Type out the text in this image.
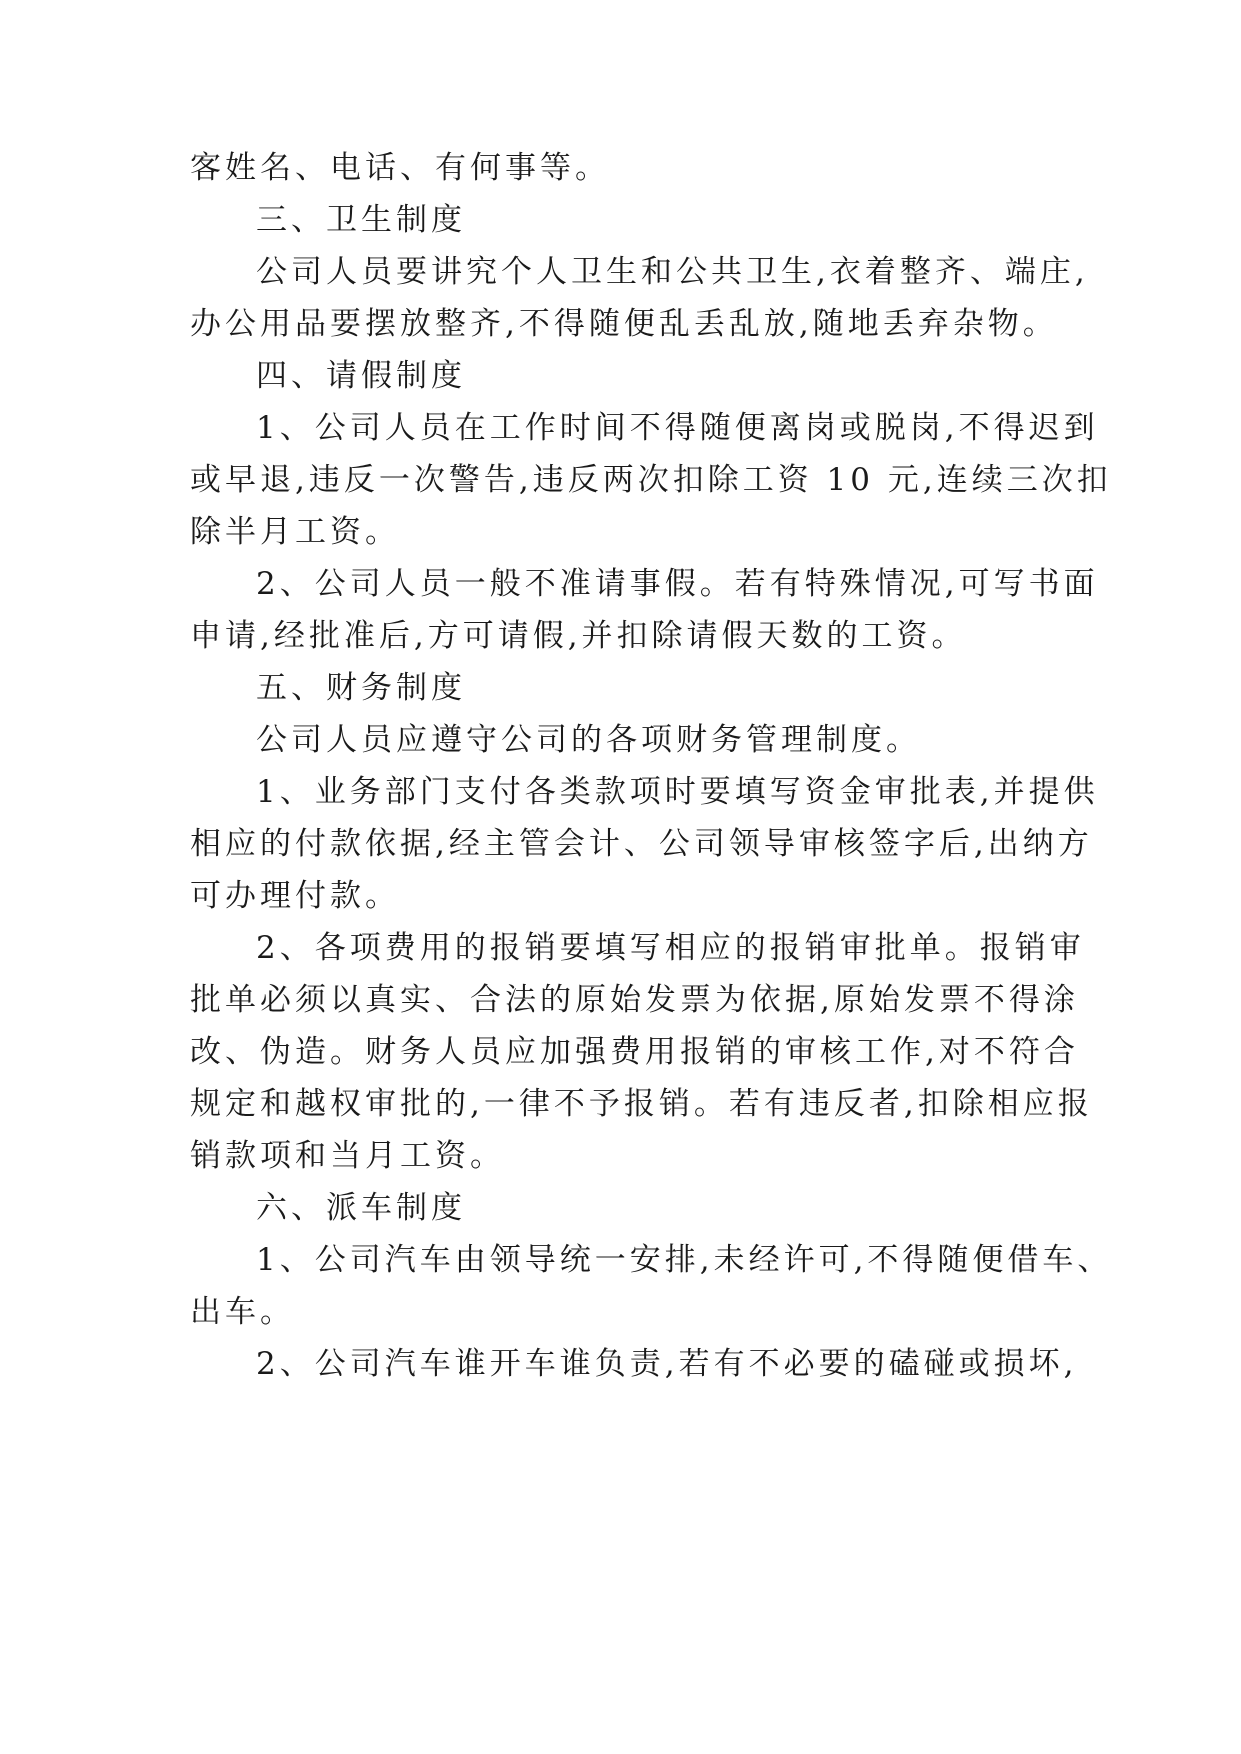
客姓名、电话、有何事等。
三、卫生制度
公司人员要讲究个人卫生和公共卫生,衣着整齐、端庄,
办公用品要摆放整齐,不得随便乱丢乱放,随地丢弃杂物。
四、请假制度
1、公司人员在工作时间不得随便离岗或脱岗,不得迟到
或早退,违反一次警告,违反两次扣除工资 10 元,连续三次扣
除半月工资。
2、公司人员一般不准请事假。若有特殊情况,可写书面
申请,经批准后,方可请假,并扣除请假天数的工资。
五、财务制度
公司人员应遵守公司的各项财务管理制度。
1、业务部门支付各类款项时要填写资金审批表,并提供
相应的付款依据,经主管会计、公司领导审核签字后,出纳方
可办理付款。
2、各项费用的报销要填写相应的报销审批单。报销审
批单必须以真实、合法的原始发票为依据,原始发票不得涂
改、伪造。财务人员应加强费用报销的审核工作,对不符合
规定和越权审批的,一律不予报销。若有违反者,扣除相应报
销款项和当月工资。
六、派车制度
1、公司汽车由领导统一安排,未经许可,不得随便借车、
出车。
2、公司汽车谁开车谁负责,若有不必要的磕碰或损坏,
